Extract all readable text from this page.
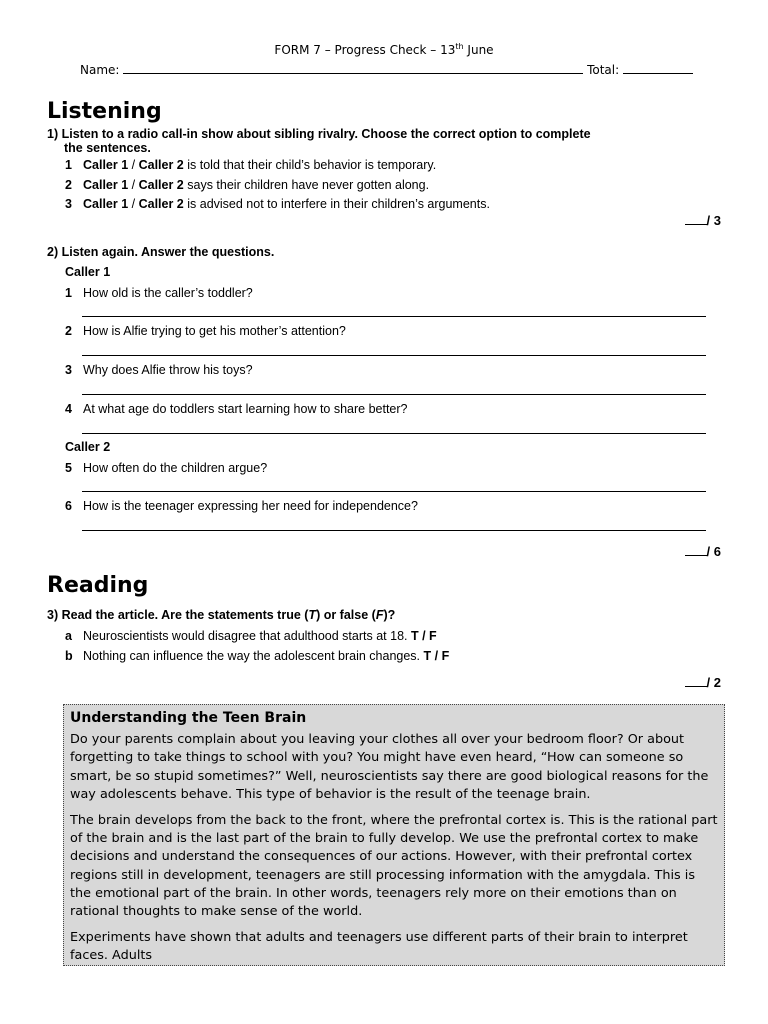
FORM 7 – Progress Check – 13th June
Name:	Total:
Listening
1) Listen to a radio call-in show about sibling rivalry. Choose the correct option to complete
the sentences.
1 Caller 1 / Caller 2 is told that their child’s behavior is temporary.
2 Caller 1 / Caller 2 says their children have never gotten along.
3 Caller 1 / Caller 2 is advised not to interfere in their children’s arguments.
/ 3
2) Listen again. Answer the questions.
Caller 1
1 How old is the caller’s toddler?
2 How is Alfie trying to get his mother’s attention?
3 Why does Alfie throw his toys?
4 At what age do toddlers start learning how to share better?
Caller 2
5 How often do the children argue?
6 How is the teenager expressing her need for independence?
/ 6
Reading
3) Read the article. Are the statements true (T) or false (F)?
a Neuroscientists would disagree that adulthood starts at 18. T / F
b Nothing can influence the way the adolescent brain changes. T / F
/ 2
Understanding the Teen Brain

Do your parents complain about you leaving your clothes all over your bedroom floor? Or about forgetting to take things to school with you? You might have even heard, “How can someone so smart, be so stupid sometimes?” Well, neuroscientists say there are good biological reasons for the way adolescents behave. This type of behavior is the result of the teenage brain.

The brain develops from the back to the front, where the prefrontal cortex is. This is the rational part of the brain and is the last part of the brain to fully develop. We use the prefrontal cortex to make decisions and understand the consequences of our actions. However, with their prefrontal cortex regions still in development, teenagers are still processing information with the amygdala. This is the emotional part of the brain. In other words, teenagers rely more on their emotions than on rational thoughts to make sense of the world.

Experiments have shown that adults and teenagers use different parts of their brain to interpret faces. Adults
